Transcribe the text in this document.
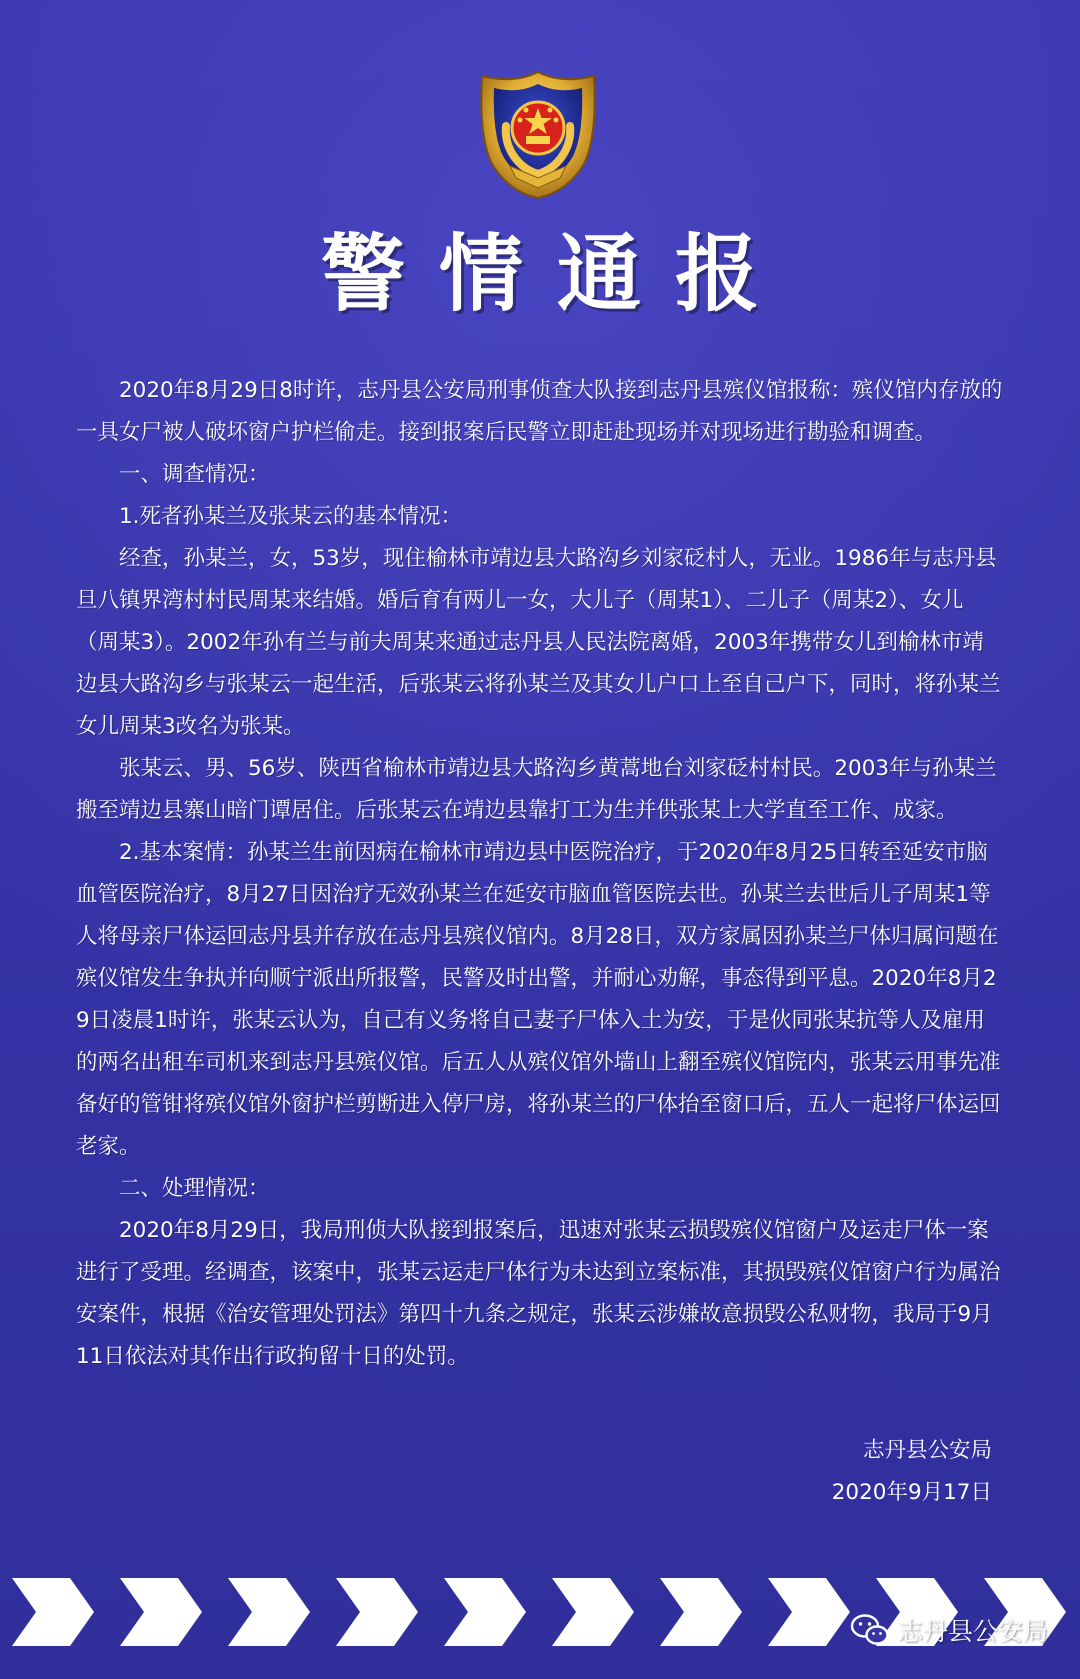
警情通报

2020年8月29日8时许，志丹县公安局刑事侦查大队接到志丹县殡仪馆报称：殡仪馆内存放的一具女尸被人破坏窗户护栏偷走。接到报案后民警立即赶赴现场并对现场进行勘验和调查。

一、调查情况：

1.死者孙某兰及张某云的基本情况：

经查，孙某兰，女，53岁，现住榆林市靖边县大路沟乡刘家砭村人，无业。1986年与志丹县旦八镇界湾村村民周某来结婚。婚后育有两儿一女，大儿子（周某1）、二儿子（周某2）、女儿（周某3）。2002年孙有兰与前夫周某来通过志丹县人民法院离婚，2003年携带女儿到榆林市靖边县大路沟乡与张某云一起生活，后张某云将孙某兰及其女儿户口上至自己户下，同时，将孙某兰女儿周某3改名为张某。

张某云、男、56岁、陕西省榆林市靖边县大路沟乡黄蒿地台刘家砭村村民。2003年与孙某兰搬至靖边县寨山暗门谭居住。后张某云在靖边县靠打工为生并供张某上大学直至工作、成家。

2.基本案情：孙某兰生前因病在榆林市靖边县中医院治疗，于2020年8月25日转至延安市脑血管医院治疗，8月27日因治疗无效孙某兰在延安市脑血管医院去世。孙某兰去世后儿子周某1等人将母亲尸体运回志丹县并存放在志丹县殡仪馆内。8月28日，双方家属因孙某兰尸体归属问题在殡仪馆发生争执并向顺宁派出所报警，民警及时出警，并耐心劝解，事态得到平息。2020年8月29日凌晨1时许，张某云认为，自己有义务将自己妻子尸体入土为安，于是伙同张某抗等人及雇用的两名出租车司机来到志丹县殡仪馆。后五人从殡仪馆外墙山上翻至殡仪馆院内，张某云用事先准备好的管钳将殡仪馆外窗护栏剪断进入停尸房，将孙某兰的尸体抬至窗口后，五人一起将尸体运回老家。

二、处理情况：

2020年8月29日，我局刑侦大队接到报案后，迅速对张某云损毁殡仪馆窗户及运走尸体一案进行了受理。经调查，该案中，张某云运走尸体行为未达到立案标准，其损毁殡仪馆窗户行为属治安案件，根据《治安管理处罚法》第四十九条之规定，张某云涉嫌故意损毁公私财物，我局于9月11日依法对其作出行政拘留十日的处罚。

志丹县公安局
2020年9月17日
志丹县公安局
